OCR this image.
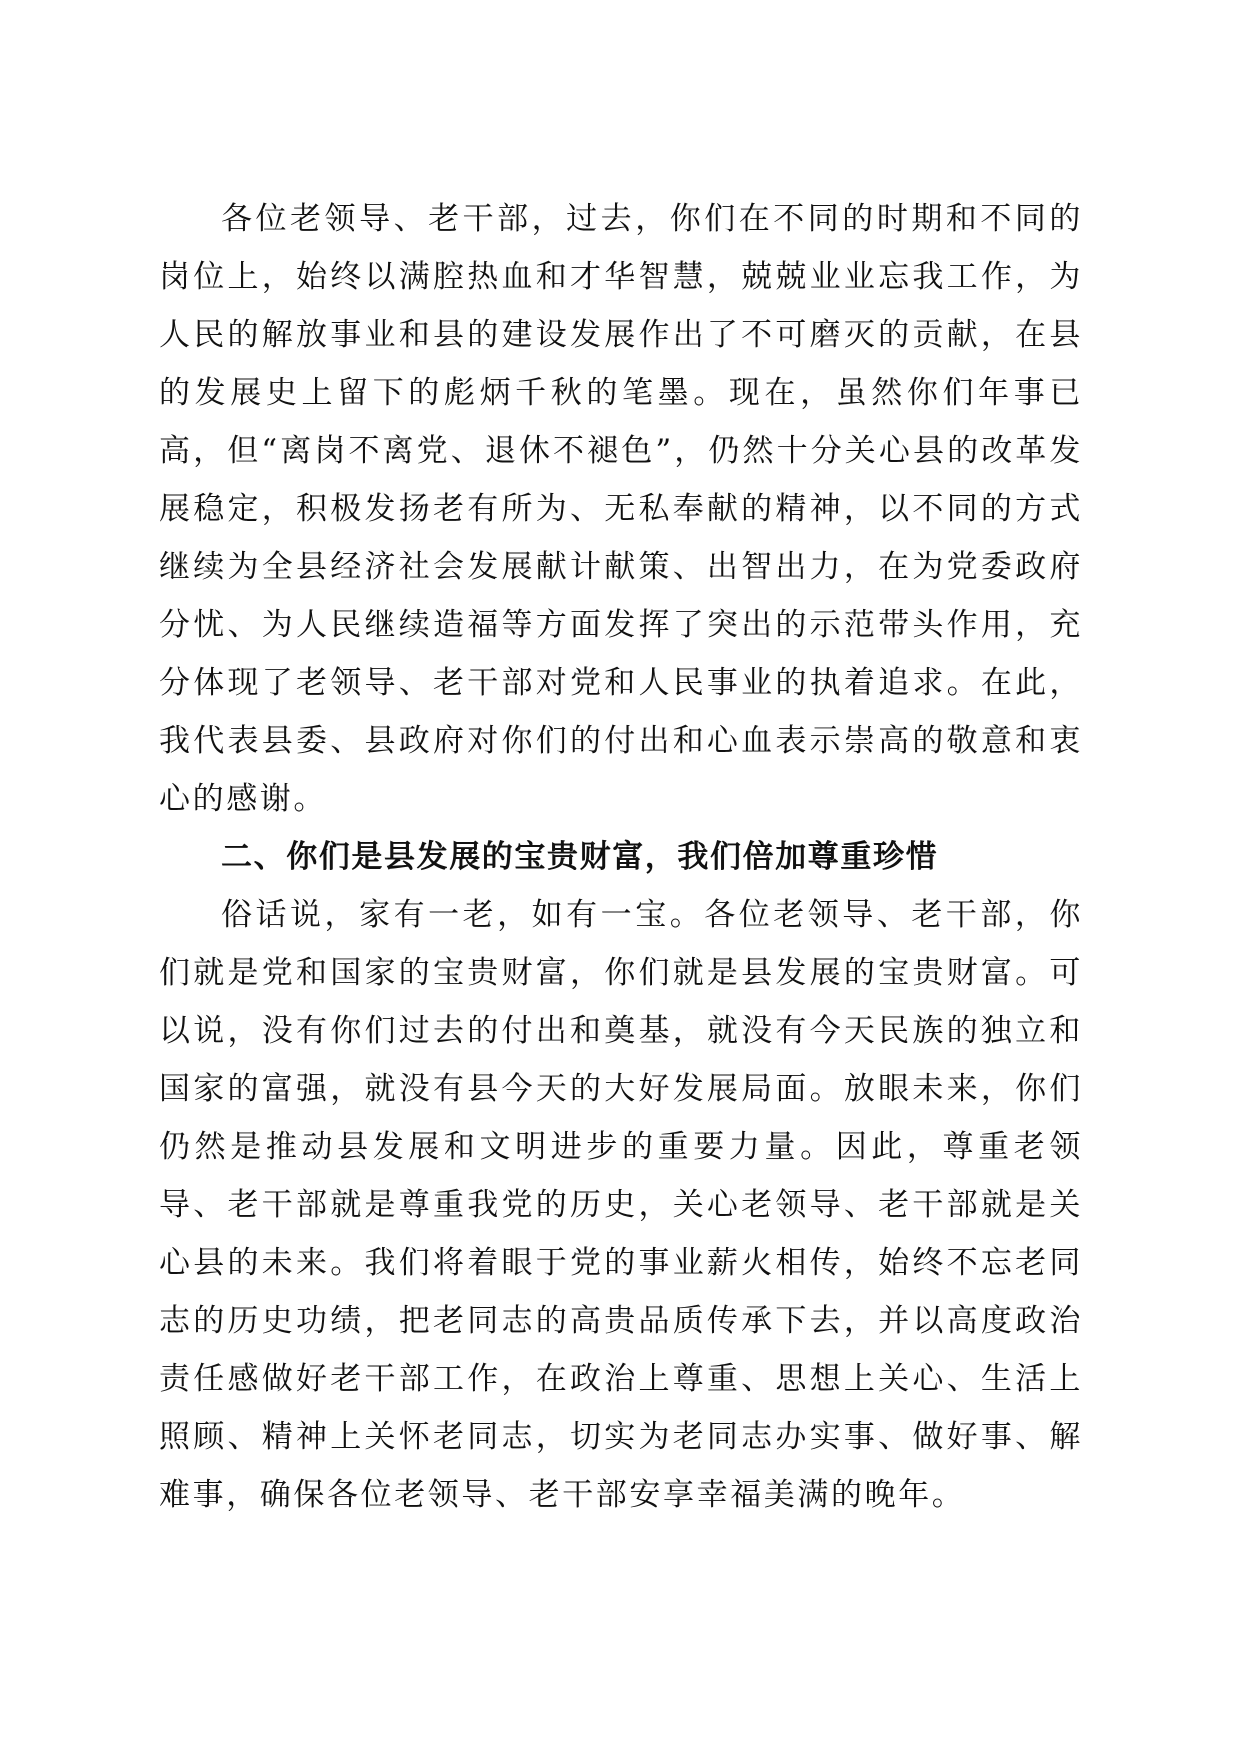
各位老领导、老干部，过去，你们在不同的时期和不同的岗位上，始终以满腔热血和才华智慧，兢兢业业忘我工作，为人民的解放事业和县的建设发展作出了不可磨灭的贡献，在县的发展史上留下的彪炳千秋的笔墨。现在，虽然你们年事已高，但“离岗不离党、退休不褪色”，仍然十分关心县的改革发展稳定，积极发扬老有所为、无私奉献的精神，以不同的方式继续为全县经济社会发展献计献策、出智出力，在为党委政府分忧、为人民继续造福等方面发挥了突出的示范带头作用，充分体现了老领导、老干部对党和人民事业的执着追求。在此，我代表县委、县政府对你们的付出和心血表示崇高的敬意和衷心的感谢。

二、你们是县发展的宝贵财富，我们倍加尊重珍惜

俗话说，家有一老，如有一宝。各位老领导、老干部，你们就是党和国家的宝贵财富，你们就是县发展的宝贵财富。可以说，没有你们过去的付出和奠基，就没有今天民族的独立和国家的富强，就没有县今天的大好发展局面。放眼未来，你们仍然是推动县发展和文明进步的重要力量。因此，尊重老领导、老干部就是尊重我党的历史，关心老领导、老干部就是关心县的未来。我们将着眼于党的事业薪火相传，始终不忘老同志的历史功绩，把老同志的高贵品质传承下去，并以高度政治责任感做好老干部工作，在政治上尊重、思想上关心、生活上照顾、精神上关怀老同志，切实为老同志办实事、做好事、解难事，确保各位老领导、老干部安享幸福美满的晚年。
